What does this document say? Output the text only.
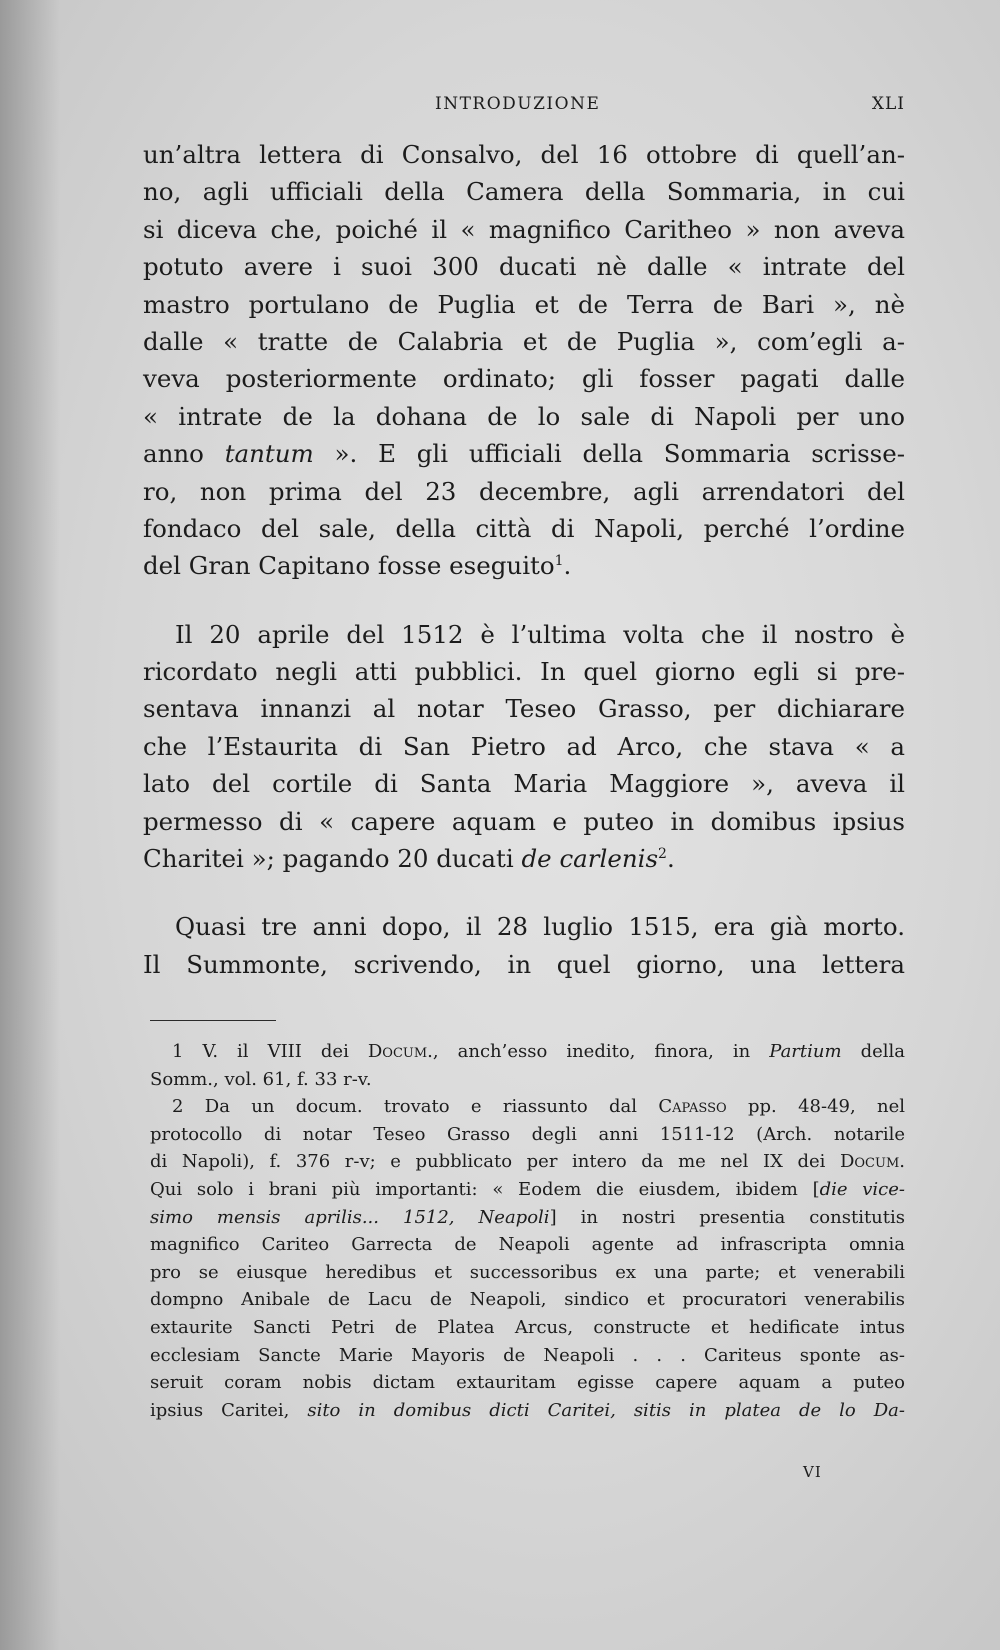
INTRODUZIONE	XLI
un’altra lettera di Consalvo, del 16 ottobre di quell’an-
no, agli ufficiali della Camera della Sommaria, in cui
si diceva che, poiché il « magnifico Caritheo » non aveva
potuto avere i suoi 300 ducati nè dalle « intrate del
mastro portulano de Puglia et de Terra de Bari », nè
dalle « tratte de Calabria et de Puglia », com’egli a-
veva posteriormente ordinato; gli fosser pagati dalle
« intrate de la dohana de lo sale di Napoli per uno
anno tantum ». E gli ufficiali della Sommaria scrisse-
ro, non prima del 23 decembre, agli arrendatori del
fondaco del sale, della città di Napoli, perché l’ordine
del Gran Capitano fosse eseguito$^1$.
Il 20 aprile del 1512 è l’ultima volta che il nostro è
ricordato negli atti pubblici. In quel giorno egli si pre-
sentava innanzi al notar Teseo Grasso, per dichiarare
che l’Estaurita di San Pietro ad Arco, che stava « a
lato del cortile di Santa Maria Maggiore », aveva il
permesso di « capere aquam e puteo in domibus ipsius
Charitei »; pagando 20 ducati de carlenis$^2$.
Quasi tre anni dopo, il 28 luglio 1515, era già morto.
Il Summonte, scrivendo, in quel giorno, una lettera
1 V. il VIII dei Docum., anch’esso inedito, finora, in Partium della
Somm., vol. 61, f. 33 r-v.
2 Da un docum. trovato e riassunto dal Capasso pp. 48-49, nel
protocollo di notar Teseo Grasso degli anni 1511-12 (Arch. notarile
di Napoli), f. 376 r-v; e pubblicato per intero da me nel IX dei Docum.
Qui solo i brani più importanti: « Eodem die eiusdem, ibidem [die vice-
simo mensis aprilis... 1512, Neapoli] in nostri presentia constitutis
magnifico Cariteo Garrecta de Neapoli agente ad infrascripta omnia
pro se eiusque heredibus et successoribus ex una parte; et venerabili
dompno Anibale de Lacu de Neapoli, sindico et procuratori venerabilis
extaurite Sancti Petri de Platea Arcus, constructe et hedificate intus
ecclesiam Sancte Marie Mayoris de Neapoli . . . Cariteus sponte as-
seruit coram nobis dictam extauritam egisse capere aquam a puteo
ipsius Caritei, sito in domibus dicti Caritei, sitis in platea de lo Da-
VI
